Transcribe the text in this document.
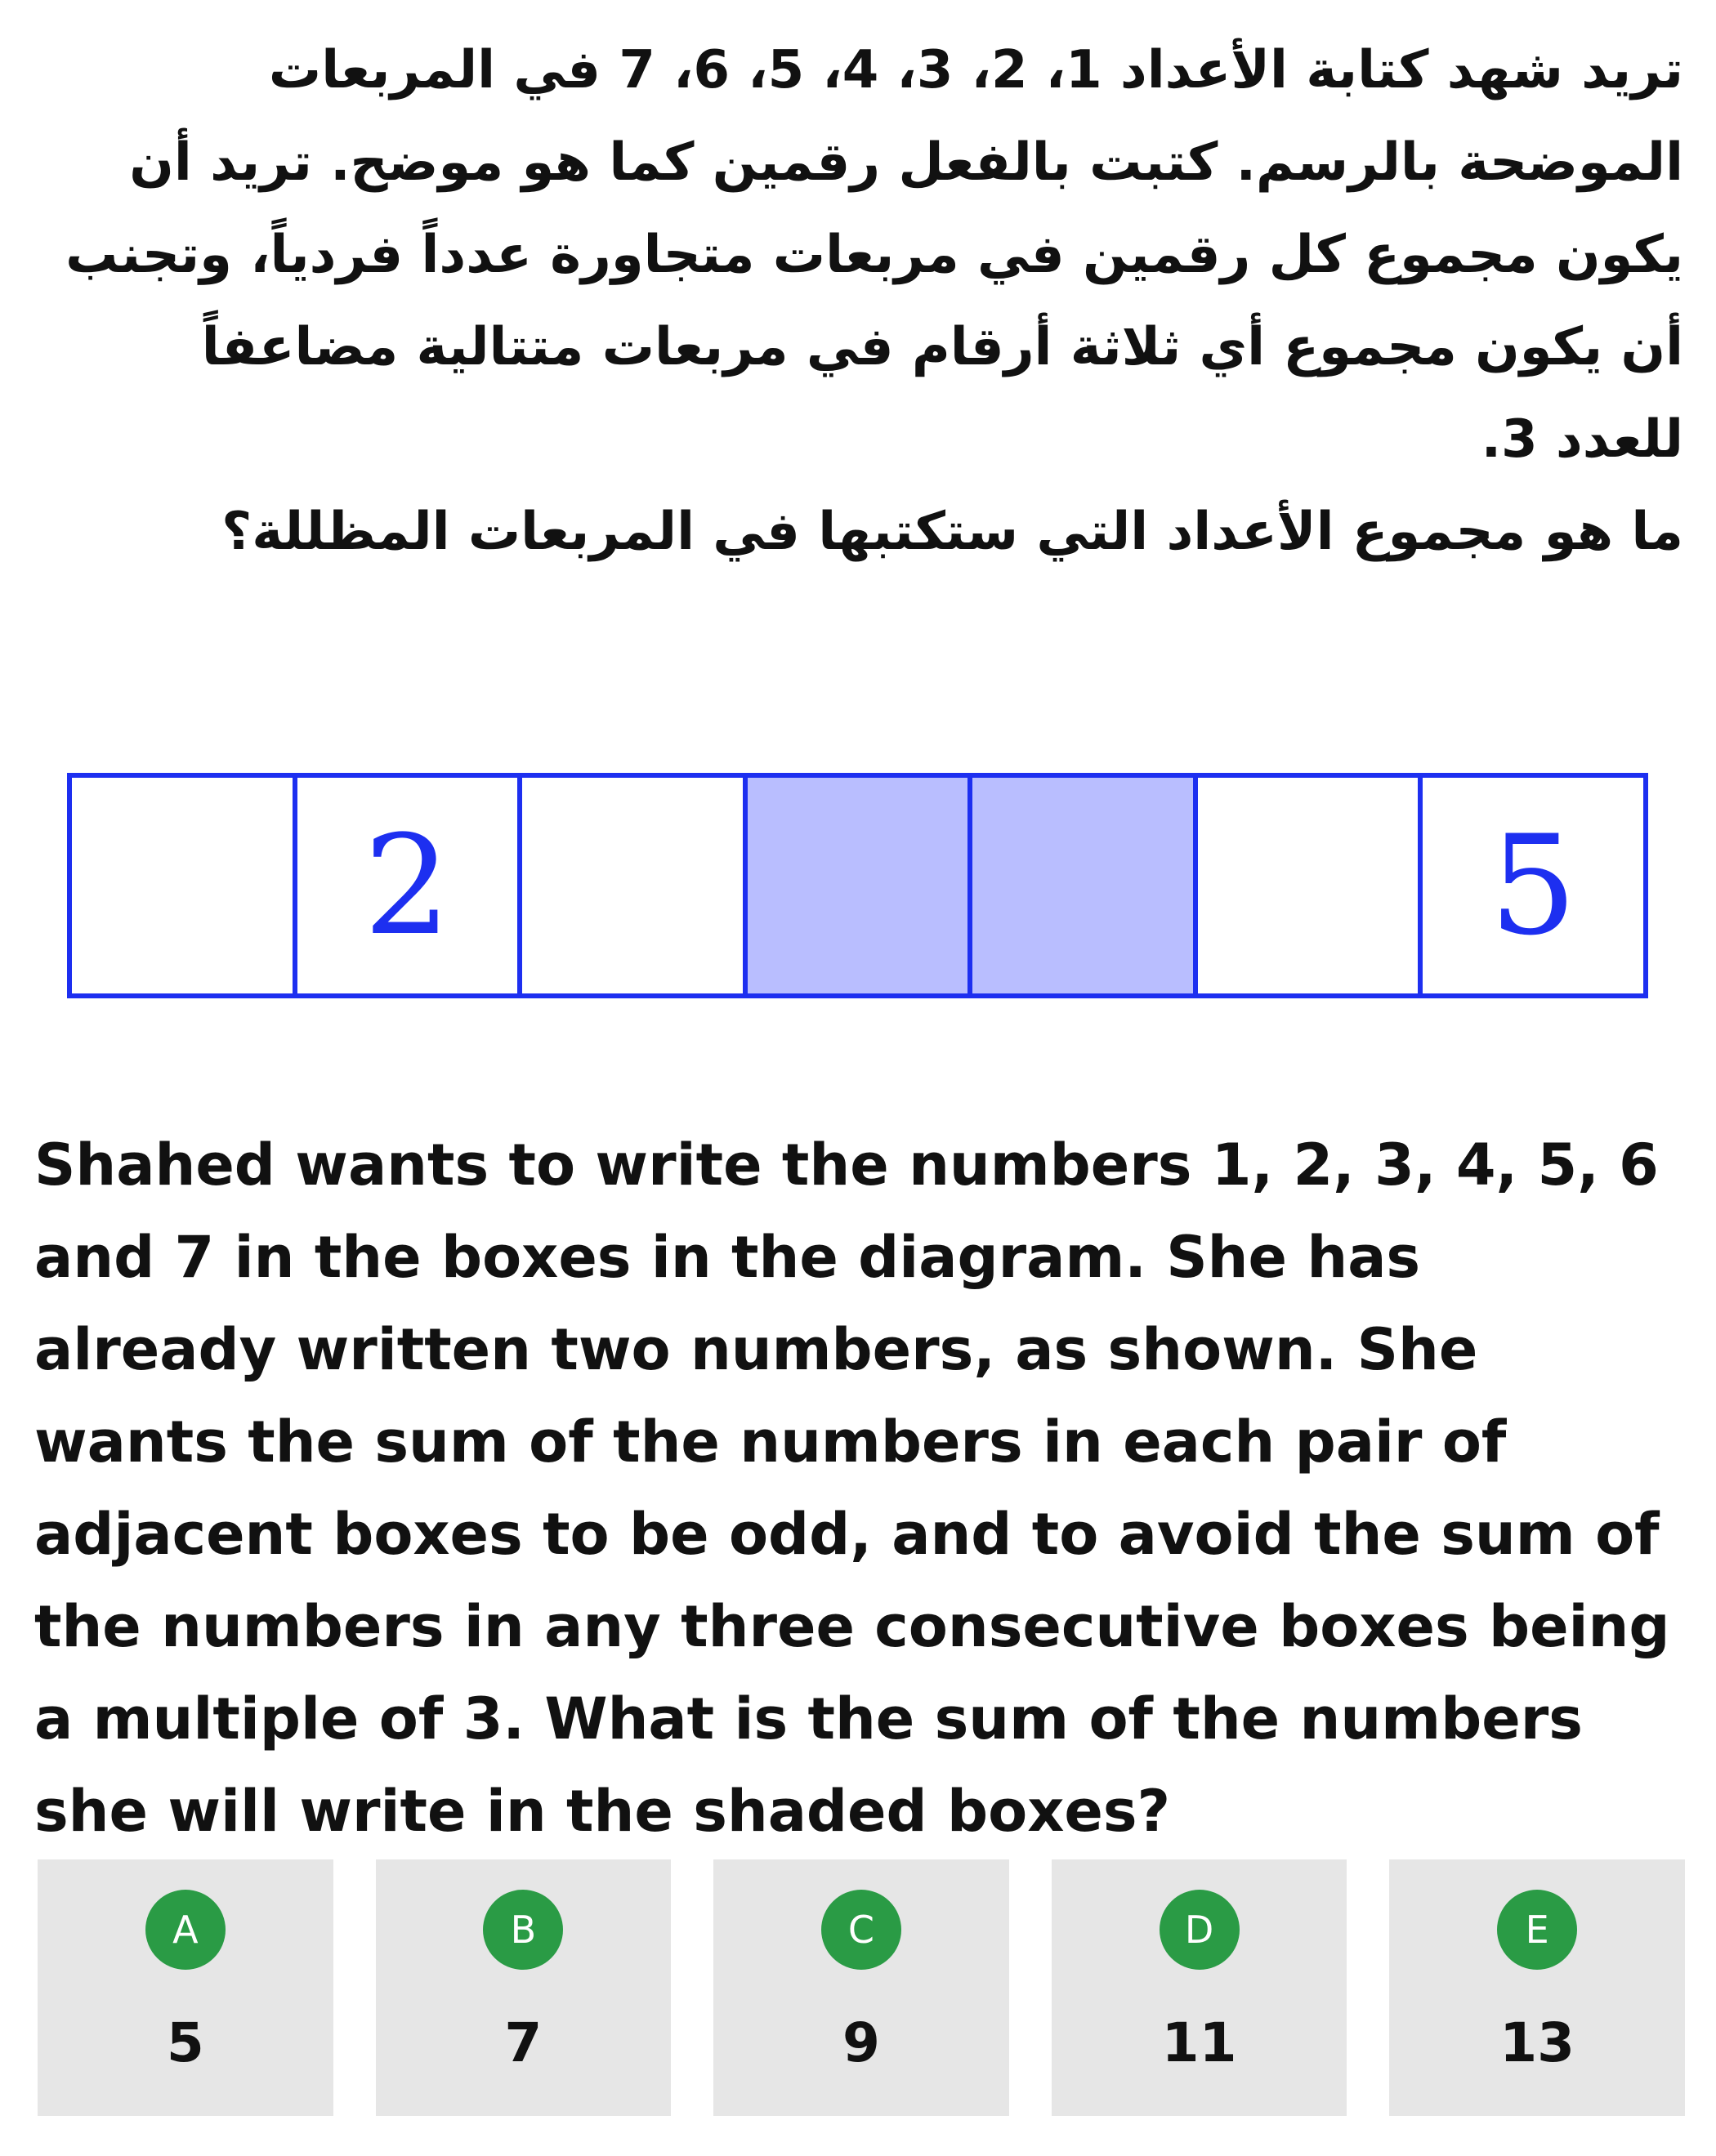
تريد شهد كتابة الأعداد 1، 2، 3، 4، 5، 6، 7 في المربعات الموضحة بالرسم. كتبت بالفعل رقمين كما هو موضح. تريد أن يكون مجموع كل رقمين في مربعات متجاورة عدداً فردياً، وتجنب أن يكون مجموع أي ثلاثة أرقام في مربعات متتالية مضاعفاً للعدد 3.

ما هو مجموع الأعداد التي ستكتبها في المربعات المظللة؟

2	5

Shahed wants to write the numbers 1, 2, 3, 4, 5, 6 and 7 in the boxes in the diagram. She has already written two numbers, as shown. She wants the sum of the numbers in each pair of adjacent boxes to be odd, and to avoid the sum of the numbers in any three consecutive boxes being a multiple of 3. What is the sum of the numbers she will write in the shaded boxes?

A
5
B
7
C
9
D
11
E
13
